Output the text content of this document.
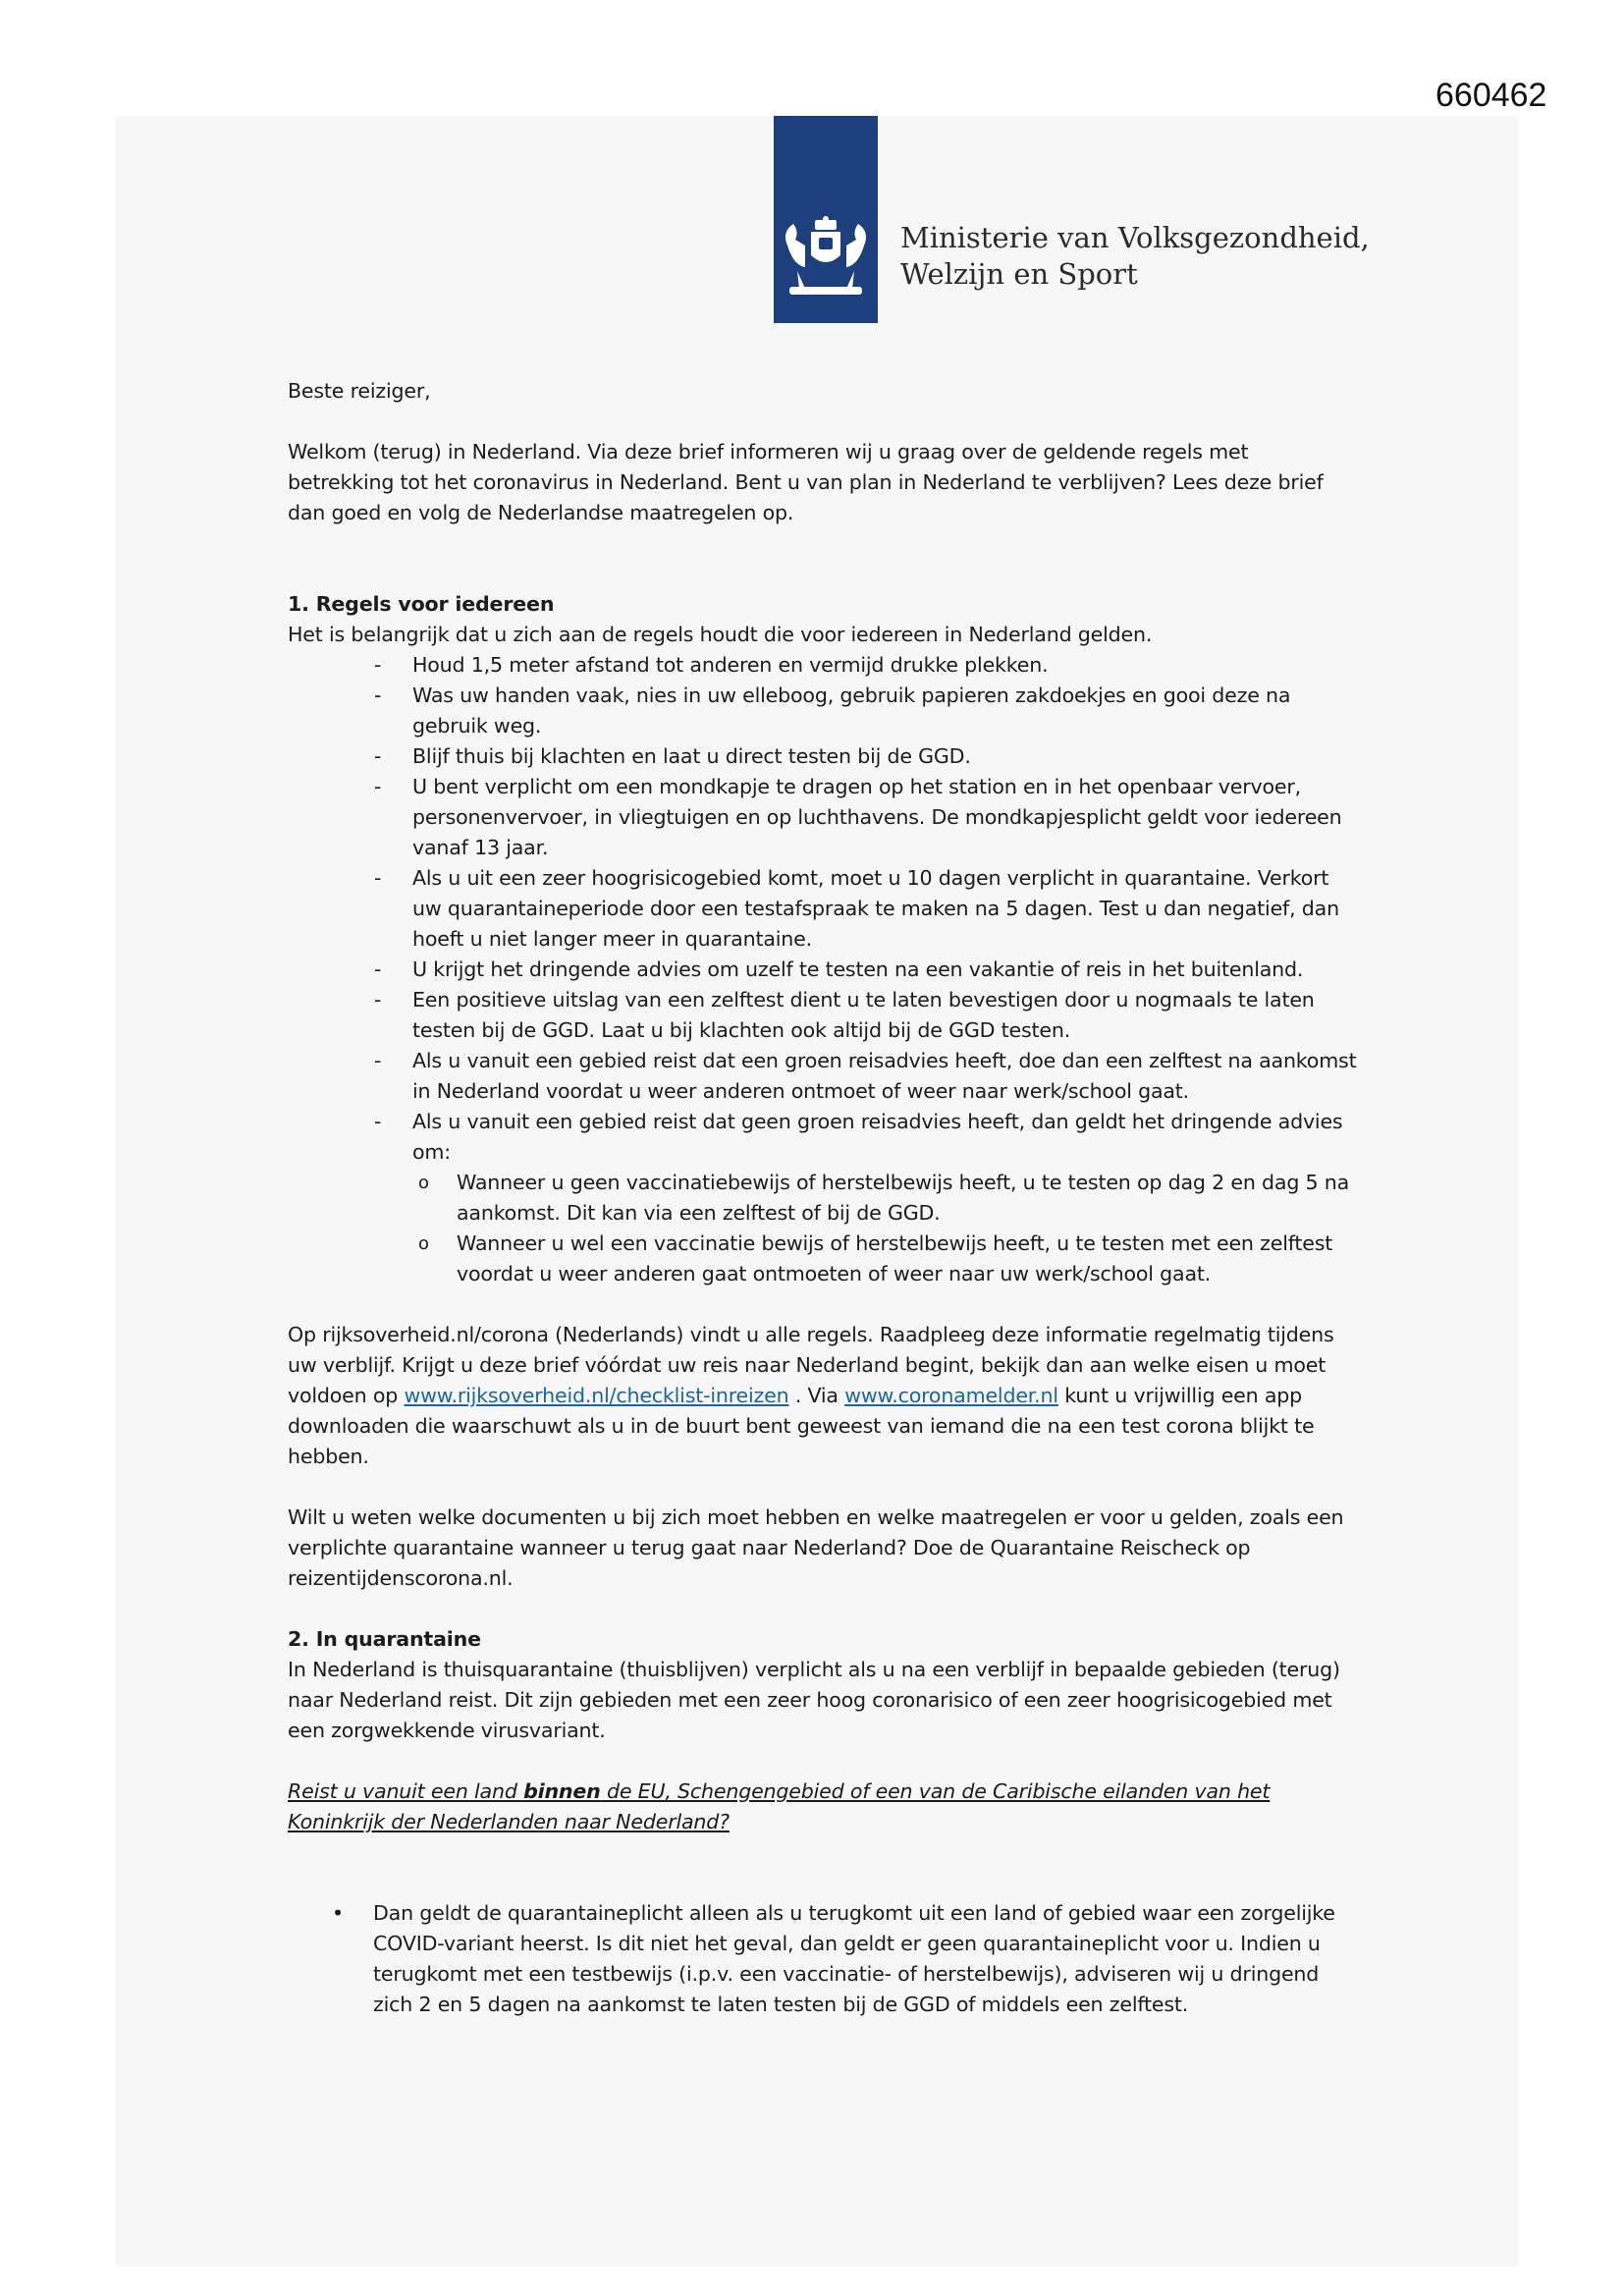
660462
Ministerie van Volksgezondheid,
Welzijn en Sport

Beste reiziger,

Welkom (terug) in Nederland. Via deze brief informeren wij u graag over de geldende regels met betrekking tot het coronavirus in Nederland. Bent u van plan in Nederland te verblijven? Lees deze brief dan goed en volg de Nederlandse maatregelen op.

1. Regels voor iedereen

Het is belangrijk dat u zich aan de regels houdt die voor iedereen in Nederland gelden.

- Houd 1,5 meter afstand tot anderen en vermijd drukke plekken.
- Was uw handen vaak, nies in uw elleboog, gebruik papieren zakdoekjes en gooi deze na gebruik weg.
- Blijf thuis bij klachten en laat u direct testen bij de GGD.
- U bent verplicht om een mondkapje te dragen op het station en in het openbaar vervoer, personenvervoer, in vliegtuigen en op luchthavens. De mondkapjesplicht geldt voor iedereen vanaf 13 jaar.
- Als u uit een zeer hoogrisicogebied komt, moet u 10 dagen verplicht in quarantaine. Verkort uw quarantaineperiode door een testafspraak te maken na 5 dagen. Test u dan negatief, dan hoeft u niet langer meer in quarantaine.
- U krijgt het dringende advies om uzelf te testen na een vakantie of reis in het buitenland.
- Een positieve uitslag van een zelftest dient u te laten bevestigen door u nogmaals te laten testen bij de GGD. Laat u bij klachten ook altijd bij de GGD testen.
- Als u vanuit een gebied reist dat een groen reisadvies heeft, doe dan een zelftest na aankomst in Nederland voordat u weer anderen ontmoet of weer naar werk/school gaat.
- Als u vanuit een gebied reist dat geen groen reisadvies heeft, dan geldt het dringende advies om:
o Wanneer u geen vaccinatiebewijs of herstelbewijs heeft, u te testen op dag 2 en dag 5 na aankomst. Dit kan via een zelftest of bij de GGD.
o Wanneer u wel een vaccinatie bewijs of herstelbewijs heeft, u te testen met een zelftest voordat u weer anderen gaat ontmoeten of weer naar uw werk/school gaat.

Op rijksoverheid.nl/corona (Nederlands) vindt u alle regels. Raadpleeg deze informatie regelmatig tijdens uw verblijf. Krijgt u deze brief vóórdat uw reis naar Nederland begint, bekijk dan aan welke eisen u moet voldoen op www.rijksoverheid.nl/checklist-inreizen . Via www.coronamelder.nl kunt u vrijwillig een app downloaden die waarschuwt als u in de buurt bent geweest van iemand die na een test corona blijkt te hebben.

Wilt u weten welke documenten u bij zich moet hebben en welke maatregelen er voor u gelden, zoals een verplichte quarantaine wanneer u terug gaat naar Nederland? Doe de Quarantaine Reischeck op reizentijdenscorona.nl.

2. In quarantaine

In Nederland is thuisquarantaine (thuisblijven) verplicht als u na een verblijf in bepaalde gebieden (terug) naar Nederland reist. Dit zijn gebieden met een zeer hoog coronarisico of een zeer hoogrisicogebied met een zorgwekkende virusvariant.

Reist u vanuit een land binnen de EU, Schengengebied of een van de Caribische eilanden van het Koninkrijk der Nederlanden naar Nederland?

• Dan geldt de quarantaineplicht alleen als u terugkomt uit een land of gebied waar een zorgelijke COVID-variant heerst. Is dit niet het geval, dan geldt er geen quarantaineplicht voor u. Indien u terugkomt met een testbewijs (i.p.v. een vaccinatie- of herstelbewijs), adviseren wij u dringend zich 2 en 5 dagen na aankomst te laten testen bij de GGD of middels een zelftest.
